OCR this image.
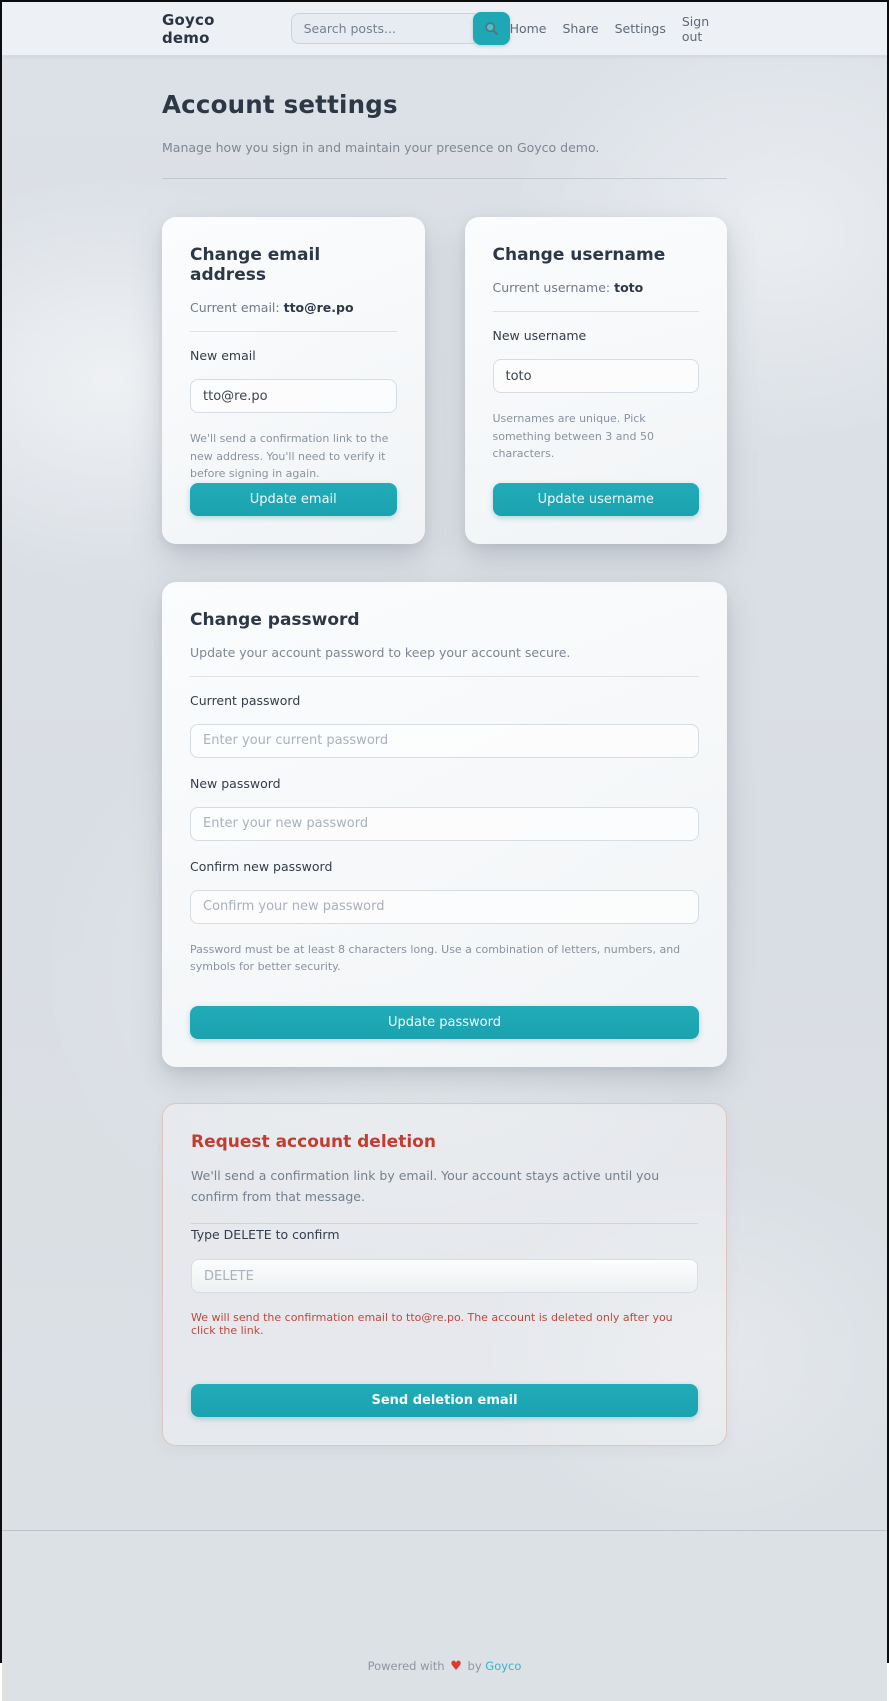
Goyco demo
Search posts...	Home Share Settings Sign out
Account settings

Manage how you sign in and maintain your presence on Goyco demo.

Change email address
Current email: tto@re.po
New email
tto@re.po

We'll send a confirmation link to the new address. You'll need to verify it before signing in again.

Update email
Change username
Current username: toto
New username
toto

Usernames are unique. Pick something between 3 and 50 characters.

Update username
Change password

Update your account password to keep your account secure.

Current password
New password
Confirm new password

Password must be at least 8 characters long. Use a combination of letters, numbers, and symbols for better security.

Update password
Request account deletion

We'll send a confirmation link by email. Your account stays active until you confirm from that message.

Type DELETE to confirm DELETE

We will send the confirmation email to tto@re.po. The account is deleted only after you click the link.

Send deletion email
Powered with ♥ by Goyco
